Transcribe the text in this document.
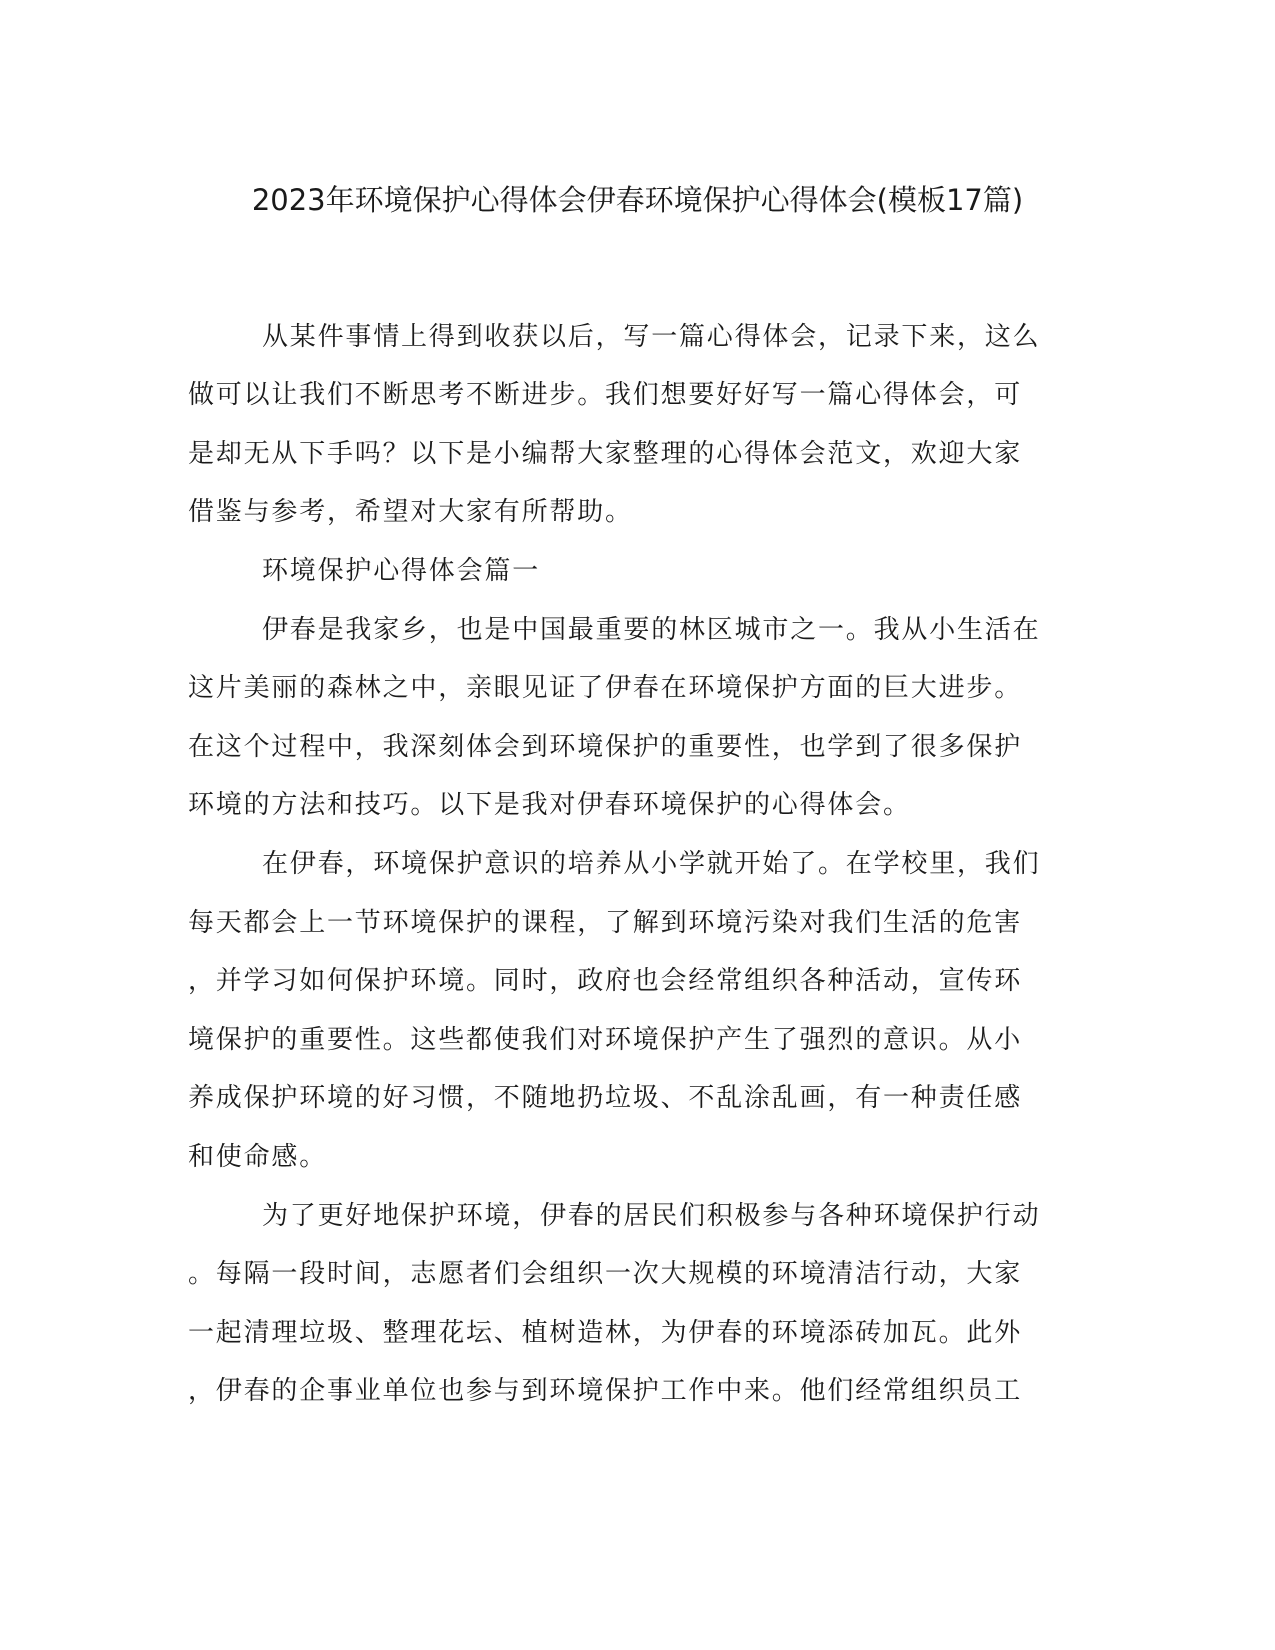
2023年环境保护心得体会伊春环境保护心得体会(模板17篇)

从某件事情上得到收获以后，写一篇心得体会，记录下来，这么

做可以让我们不断思考不断进步。我们想要好好写一篇心得体会，可

是却无从下手吗？以下是小编帮大家整理的心得体会范文，欢迎大家

借鉴与参考，希望对大家有所帮助。

环境保护心得体会篇一

伊春是我家乡，也是中国最重要的林区城市之一。我从小生活在

这片美丽的森林之中，亲眼见证了伊春在环境保护方面的巨大进步。

在这个过程中，我深刻体会到环境保护的重要性，也学到了很多保护

环境的方法和技巧。以下是我对伊春环境保护的心得体会。

在伊春，环境保护意识的培养从小学就开始了。在学校里，我们

每天都会上一节环境保护的课程，了解到环境污染对我们生活的危害

，并学习如何保护环境。同时，政府也会经常组织各种活动，宣传环

境保护的重要性。这些都使我们对环境保护产生了强烈的意识。从小

养成保护环境的好习惯，不随地扔垃圾、不乱涂乱画，有一种责任感

和使命感。

为了更好地保护环境，伊春的居民们积极参与各种环境保护行动

。每隔一段时间，志愿者们会组织一次大规模的环境清洁行动，大家

一起清理垃圾、整理花坛、植树造林，为伊春的环境添砖加瓦。此外

，伊春的企事业单位也参与到环境保护工作中来。他们经常组织员工
